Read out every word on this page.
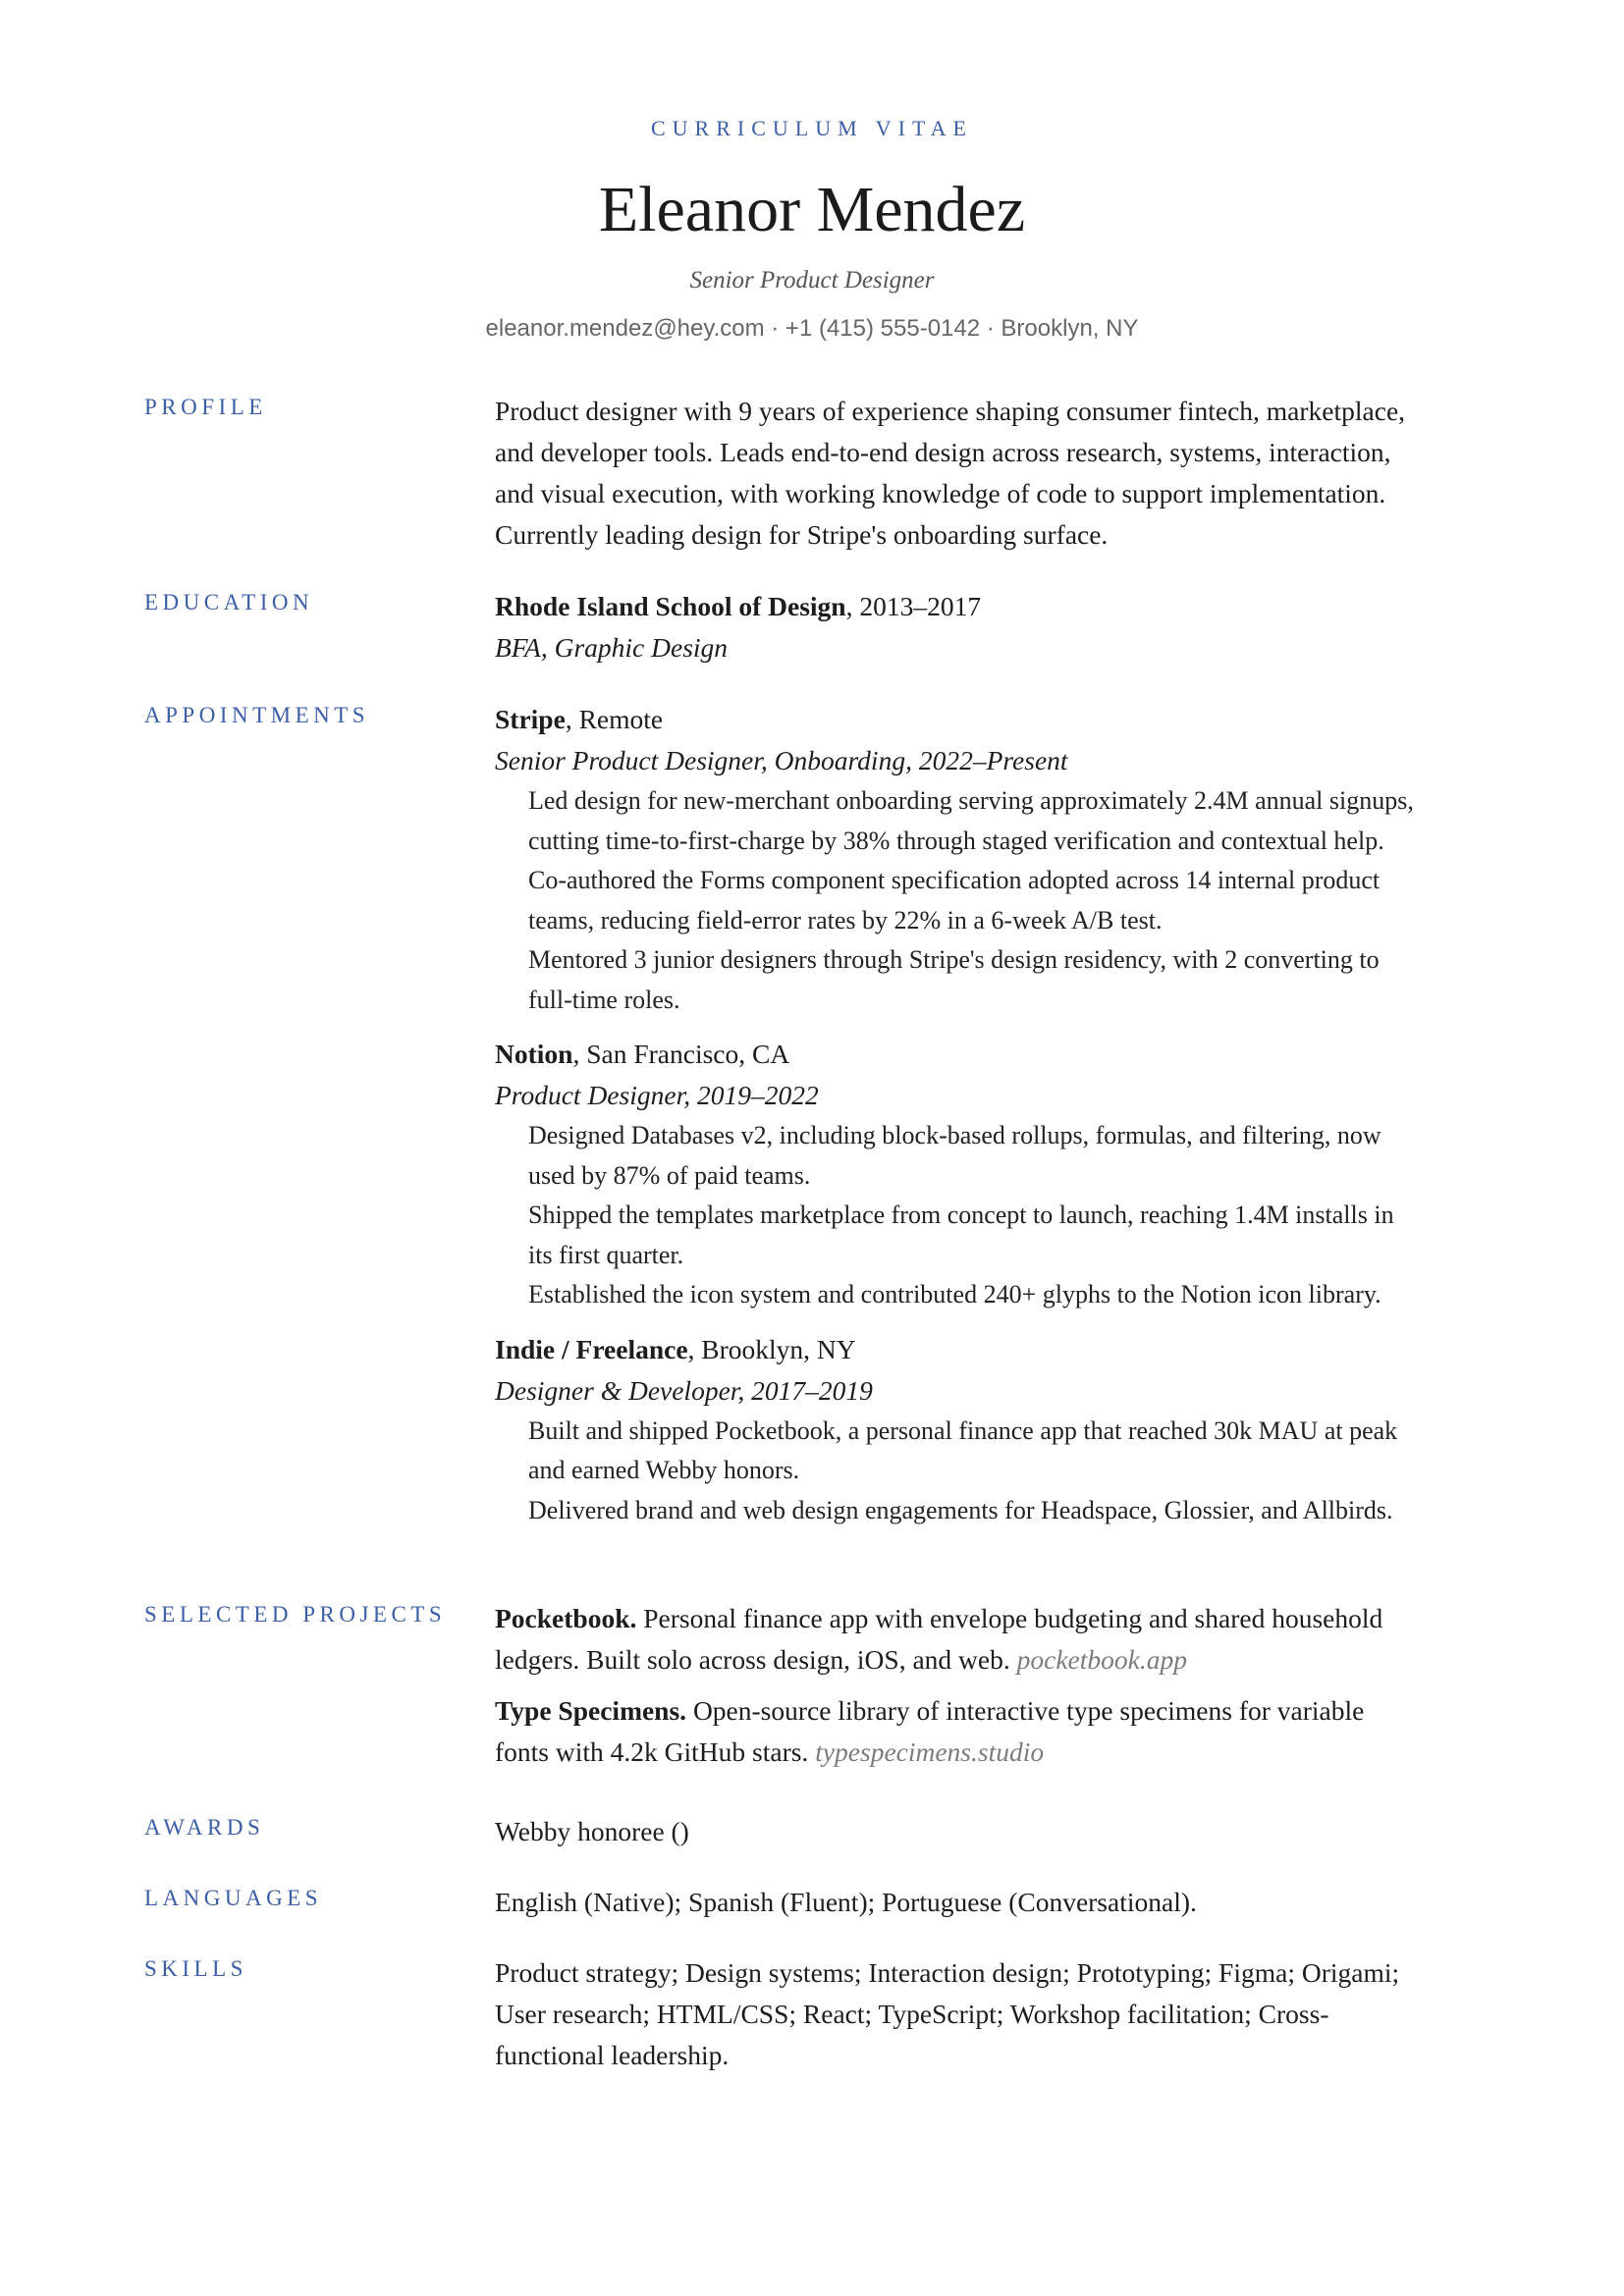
CURRICULUM VITAE
Eleanor Mendez
Senior Product Designer
eleanor.mendez@hey.com · +1 (415) 555-0142 · Brooklyn, NY
PROFILE	Product designer with 9 years of experience shaping consumer fintech, marketplace,
and developer tools. Leads end-to-end design across research, systems, interaction,
and visual execution, with working knowledge of code to support implementation.
Currently leading design for Stripe's onboarding surface.
EDUCATION	Rhode Island School of Design, 2013–2017
BFA, Graphic Design
APPOINTMENTS	Stripe, Remote
Senior Product Designer, Onboarding, 2022–Present
Led design for new-merchant onboarding serving approximately 2.4M annual signups,
cutting time-to-first-charge by 38% through staged verification and contextual help.
Co-authored the Forms component specification adopted across 14 internal product
teams, reducing field-error rates by 22% in a 6-week A/B test.
Mentored 3 junior designers through Stripe's design residency, with 2 converting to
full-time roles.
Notion, San Francisco, CA
Product Designer, 2019–2022
Designed Databases v2, including block-based rollups, formulas, and filtering, now
used by 87% of paid teams.
Shipped the templates marketplace from concept to launch, reaching 1.4M installs in
its first quarter.
Established the icon system and contributed 240+ glyphs to the Notion icon library.
Indie / Freelance, Brooklyn, NY
Designer & Developer, 2017–2019
Built and shipped Pocketbook, a personal finance app that reached 30k MAU at peak
and earned Webby honors.
Delivered brand and web design engagements for Headspace, Glossier, and Allbirds.
SELECTED PROJECTS Pocketbook. Personal finance app with envelope budgeting and shared household
ledgers. Built solo across design, iOS, and web. pocketbook.app
Type Specimens. Open-source library of interactive type specimens for variable
fonts with 4.2k GitHub stars. typespecimens.studio
AWARDS	Webby honoree ()
LANGUAGES	English (Native); Spanish (Fluent); Portuguese (Conversational).
SKILLS	Product strategy; Design systems; Interaction design; Prototyping; Figma; Origami;
User research; HTML/CSS; React; TypeScript; Workshop facilitation; Cross-
functional leadership.
